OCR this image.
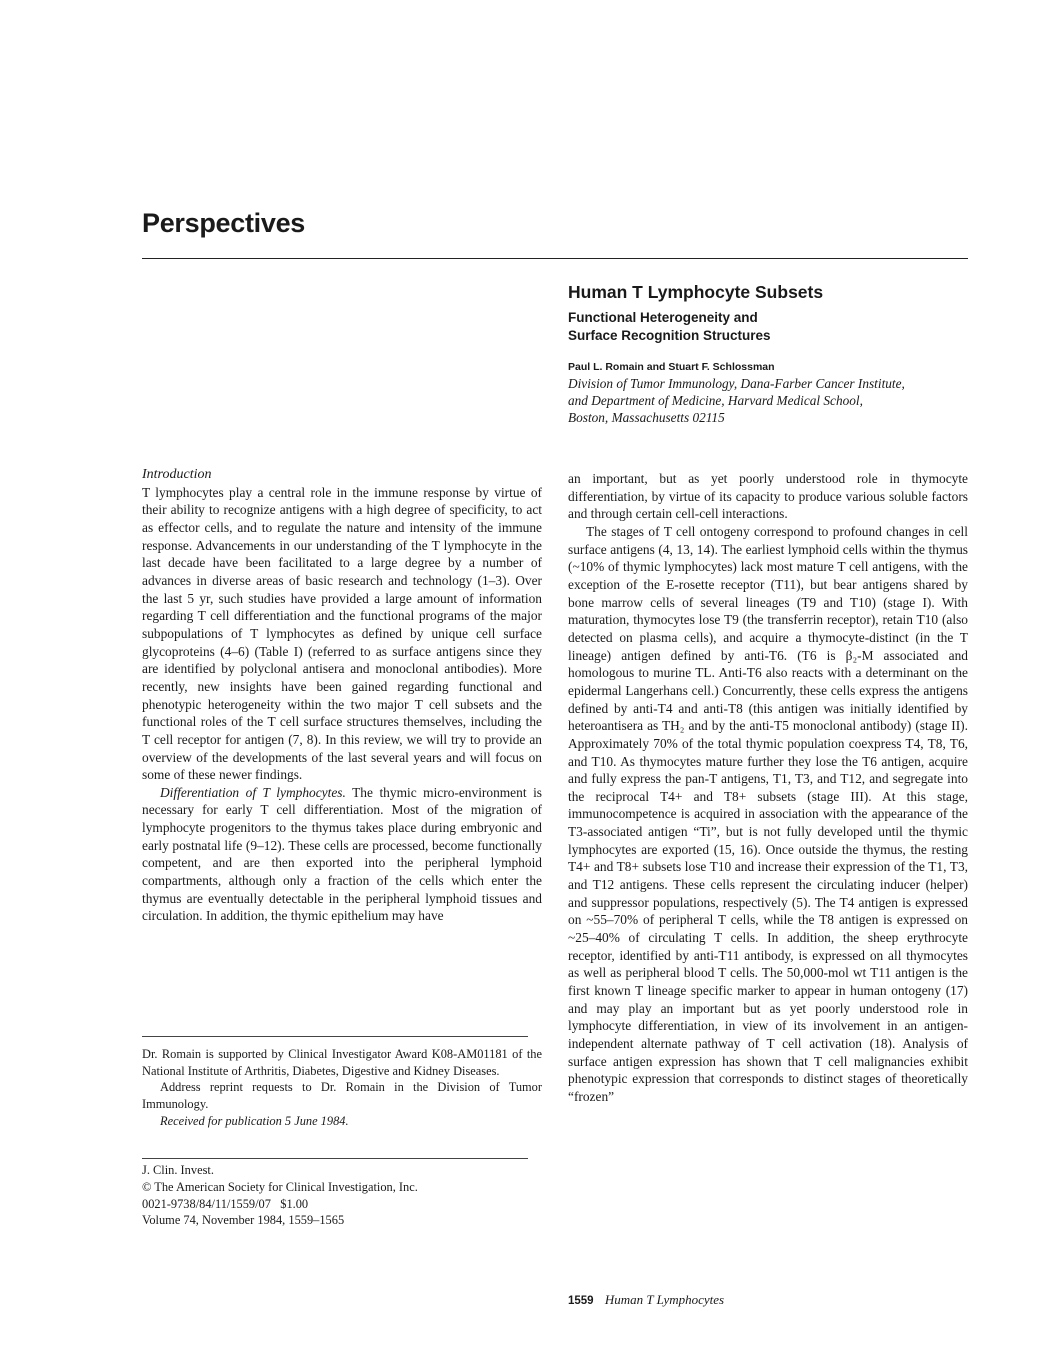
Perspectives
Human T Lymphocyte Subsets

Functional Heterogeneity and

Surface Recognition Structures

Paul L. Romain and Stuart F. Schlossman

Division of Tumor Immunology, Dana-Farber Cancer Institute,

and Department of Medicine, Harvard Medical School,

Boston, Massachusetts 02115

Introduction

T lymphocytes play a central role in the immune response by virtue of their ability to recognize antigens with a high degree of specificity, to act as effector cells, and to regulate the nature and intensity of the immune response. Advancements in our understanding of the T lymphocyte in the last decade have been facilitated to a large degree by a number of advances in diverse areas of basic research and technology (1–3). Over the last 5 yr, such studies have provided a large amount of information regarding T cell differentiation and the functional programs of the major subpopulations of T lymphocytes as defined by unique cell surface glycoproteins (4–6) (Table I) (referred to as surface antigens since they are identified by polyclonal antisera and monoclonal antibodies). More recently, new insights have been gained regarding functional and phenotypic heterogeneity within the two major T cell subsets and the functional roles of the T cell surface structures themselves, including the T cell receptor for antigen (7, 8). In this review, we will try to provide an overview of the developments of the last several years and will focus on some of these newer findings.

Differentiation of T lymphocytes. The thymic micro-environment is necessary for early T cell differentiation. Most of the migration of lymphocyte progenitors to the thymus takes place during embryonic and early postnatal life (9–12). These cells are processed, become functionally competent, and are then exported into the peripheral lymphoid compartments, although only a fraction of the cells which enter the thymus are eventually detectable in the peripheral lymphoid tissues and circulation. In addition, the thymic epithelium may have

Dr. Romain is supported by Clinical Investigator Award K08-AM01181 of the National Institute of Arthritis, Diabetes, Digestive and Kidney Diseases.

Address reprint requests to Dr. Romain in the Division of Tumor Immunology.

Received for publication 5 June 1984.

J. Clin. Invest.
© The American Society for Clinical Investigation, Inc.
0021-9738/84/11/1559/07   $1.00
Volume 74, November 1984, 1559–1565

an important, but as yet poorly understood role in thymocyte differentiation, by virtue of its capacity to produce various soluble factors and through certain cell-cell interactions.

The stages of T cell ontogeny correspond to profound changes in cell surface antigens (4, 13, 14). The earliest lymphoid cells within the thymus (~10% of thymic lymphocytes) lack most mature T cell antigens, with the exception of the E-rosette receptor (T11), but bear antigens shared by bone marrow cells of several lineages (T9 and T10) (stage I). With maturation, thymocytes lose T9 (the transferrin receptor), retain T10 (also detected on plasma cells), and acquire a thymocyte-distinct (in the T lineage) antigen defined by anti-T6. (T6 is β₂-M associated and homologous to murine TL. Anti-T6 also reacts with a determinant on the epidermal Langerhans cell.) Concurrently, these cells express the antigens defined by anti-T4 and anti-T8 (this antigen was initially identified by heteroantisera as TH₂ and by the anti-T5 monoclonal antibody) (stage II). Approximately 70% of the total thymic population coexpress T4, T8, T6, and T10. As thymocytes mature further they lose the T6 antigen, acquire and fully express the pan-T antigens, T1, T3, and T12, and segregate into the reciprocal T4+ and T8+ subsets (stage III). At this stage, immunocompetence is acquired in association with the appearance of the T3-associated antigen “Ti”, but is not fully developed until the thymic lymphocytes are exported (15, 16). Once outside the thymus, the resting T4+ and T8+ subsets lose T10 and increase their expression of the T1, T3, and T12 antigens. These cells represent the circulating inducer (helper) and suppressor populations, respectively (5). The T4 antigen is expressed on ~55–70% of peripheral T cells, while the T8 antigen is expressed on ~25–40% of circulating T cells. In addition, the sheep erythrocyte receptor, identified by anti-T11 antibody, is expressed on all thymocytes as well as peripheral blood T cells. The 50,000-mol wt T11 antigen is the first known T lineage specific marker to appear in human ontogeny (17) and may play an important but as yet poorly understood role in lymphocyte differentiation, in view of its involvement in an antigen-independent alternate pathway of T cell activation (18). Analysis of surface antigen expression has shown that T cell malignancies exhibit phenotypic expression that corresponds to distinct stages of theoretically “frozen”

1559 Human T Lymphocytes
